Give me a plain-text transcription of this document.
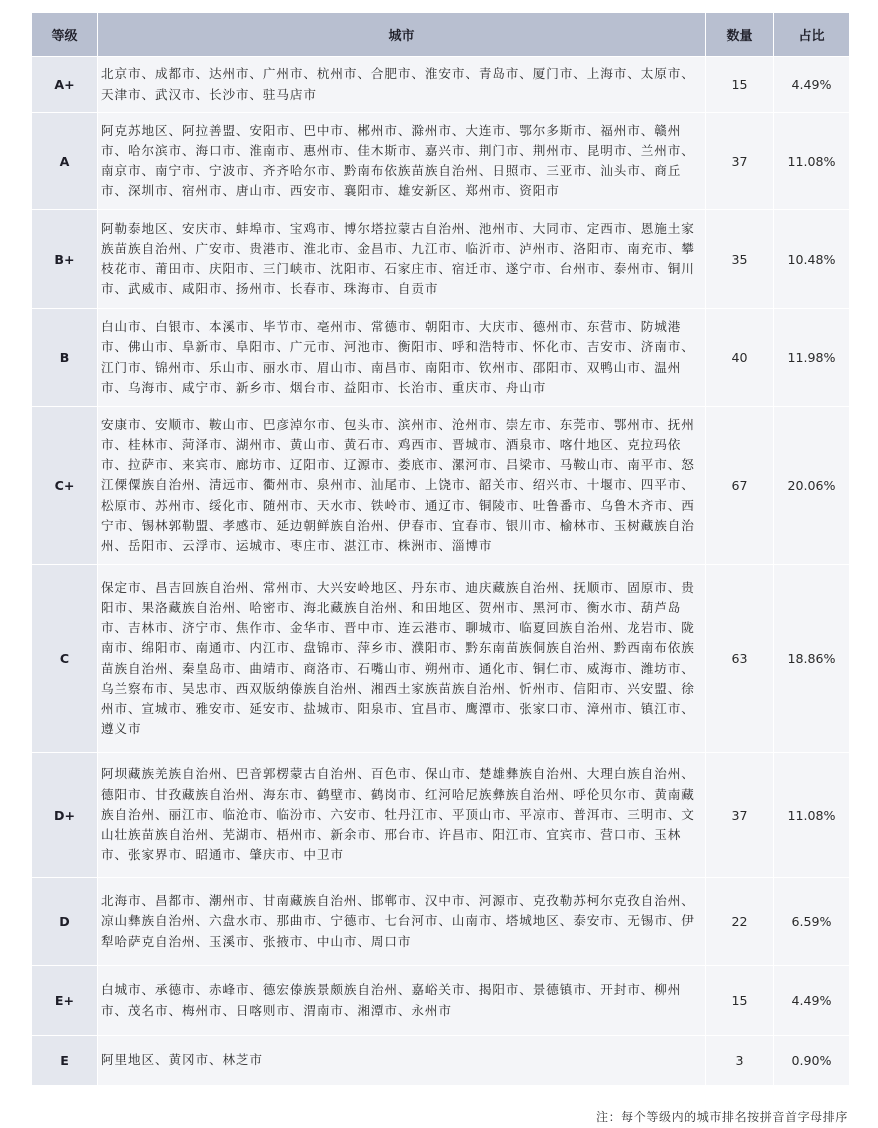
等级	城市	数量	占比
A+	北京市、成都市、达州市、广州市、杭州市、合肥市、淮安市、青岛市、厦门市、上海市、太原市、天津市、武汉市、长沙市、驻马店市	15	4.49%
A	阿克苏地区、阿拉善盟、安阳市、巴中市、郴州市、滁州市、大连市、鄂尔多斯市、福州市、赣州市、哈尔滨市、海口市、淮南市、惠州市、佳木斯市、嘉兴市、荆门市、荆州市、昆明市、兰州市、南京市、南宁市、宁波市、齐齐哈尔市、黔南布依族苗族自治州、日照市、三亚市、汕头市、商丘市、深圳市、宿州市、唐山市、西安市、襄阳市、雄安新区、郑州市、资阳市	37	11.08%
B+	阿勒泰地区、安庆市、蚌埠市、宝鸡市、博尔塔拉蒙古自治州、池州市、大同市、定西市、恩施土家族苗族自治州、广安市、贵港市、淮北市、金昌市、九江市、临沂市、泸州市、洛阳市、南充市、攀枝花市、莆田市、庆阳市、三门峡市、沈阳市、石家庄市、宿迁市、遂宁市、台州市、泰州市、铜川市、武威市、咸阳市、扬州市、长春市、珠海市、自贡市	35	10.48%
B	白山市、白银市、本溪市、毕节市、亳州市、常德市、朝阳市、大庆市、德州市、东营市、防城港市、佛山市、阜新市、阜阳市、广元市、河池市、衡阳市、呼和浩特市、怀化市、吉安市、济南市、江门市、锦州市、乐山市、丽水市、眉山市、南昌市、南阳市、钦州市、邵阳市、双鸭山市、温州市、乌海市、咸宁市、新乡市、烟台市、益阳市、长治市、重庆市、舟山市	40	11.98%
C+	安康市、安顺市、鞍山市、巴彦淖尔市、包头市、滨州市、沧州市、崇左市、东莞市、鄂州市、抚州市、桂林市、菏泽市、湖州市、黄山市、黄石市、鸡西市、晋城市、酒泉市、喀什地区、克拉玛依市、拉萨市、来宾市、廊坊市、辽阳市、辽源市、娄底市、漯河市、吕梁市、马鞍山市、南平市、怒江傈僳族自治州、清远市、衢州市、泉州市、汕尾市、上饶市、韶关市、绍兴市、十堰市、四平市、松原市、苏州市、绥化市、随州市、天水市、铁岭市、通辽市、铜陵市、吐鲁番市、乌鲁木齐市、西宁市、锡林郭勒盟、孝感市、延边朝鲜族自治州、伊春市、宜春市、银川市、榆林市、玉树藏族自治州、岳阳市、云浮市、运城市、枣庄市、湛江市、株洲市、淄博市	67	20.06%
C	保定市、昌吉回族自治州、常州市、大兴安岭地区、丹东市、迪庆藏族自治州、抚顺市、固原市、贵阳市、果洛藏族自治州、哈密市、海北藏族自治州、和田地区、贺州市、黑河市、衡水市、葫芦岛市、吉林市、济宁市、焦作市、金华市、晋中市、连云港市、聊城市、临夏回族自治州、龙岩市、陇南市、绵阳市、南通市、内江市、盘锦市、萍乡市、濮阳市、黔东南苗族侗族自治州、黔西南布依族苗族自治州、秦皇岛市、曲靖市、商洛市、石嘴山市、朔州市、通化市、铜仁市、威海市、潍坊市、乌兰察布市、吴忠市、西双版纳傣族自治州、湘西土家族苗族自治州、忻州市、信阳市、兴安盟、徐州市、宣城市、雅安市、延安市、盐城市、阳泉市、宜昌市、鹰潭市、张家口市、漳州市、镇江市、遵义市	63	18.86%
D+	阿坝藏族羌族自治州、巴音郭楞蒙古自治州、百色市、保山市、楚雄彝族自治州、大理白族自治州、德阳市、甘孜藏族自治州、海东市、鹤壁市、鹤岗市、红河哈尼族彝族自治州、呼伦贝尔市、黄南藏族自治州、丽江市、临沧市、临汾市、六安市、牡丹江市、平顶山市、平凉市、普洱市、三明市、文山壮族苗族自治州、芜湖市、梧州市、新余市、邢台市、许昌市、阳江市、宜宾市、营口市、玉林市、张家界市、昭通市、肇庆市、中卫市	37	11.08%
D	北海市、昌都市、潮州市、甘南藏族自治州、邯郸市、汉中市、河源市、克孜勒苏柯尔克孜自治州、凉山彝族自治州、六盘水市、那曲市、宁德市、七台河市、山南市、塔城地区、泰安市、无锡市、伊犁哈萨克自治州、玉溪市、张掖市、中山市、周口市	22	6.59%
E+	白城市、承德市、赤峰市、德宏傣族景颇族自治州、嘉峪关市、揭阳市、景德镇市、开封市、柳州市、茂名市、梅州市、日喀则市、渭南市、湘潭市、永州市	15	4.49%
E	阿里地区、黄冈市、林芝市	3	0.90%
注：每个等级内的城市排名按拼音首字母排序
